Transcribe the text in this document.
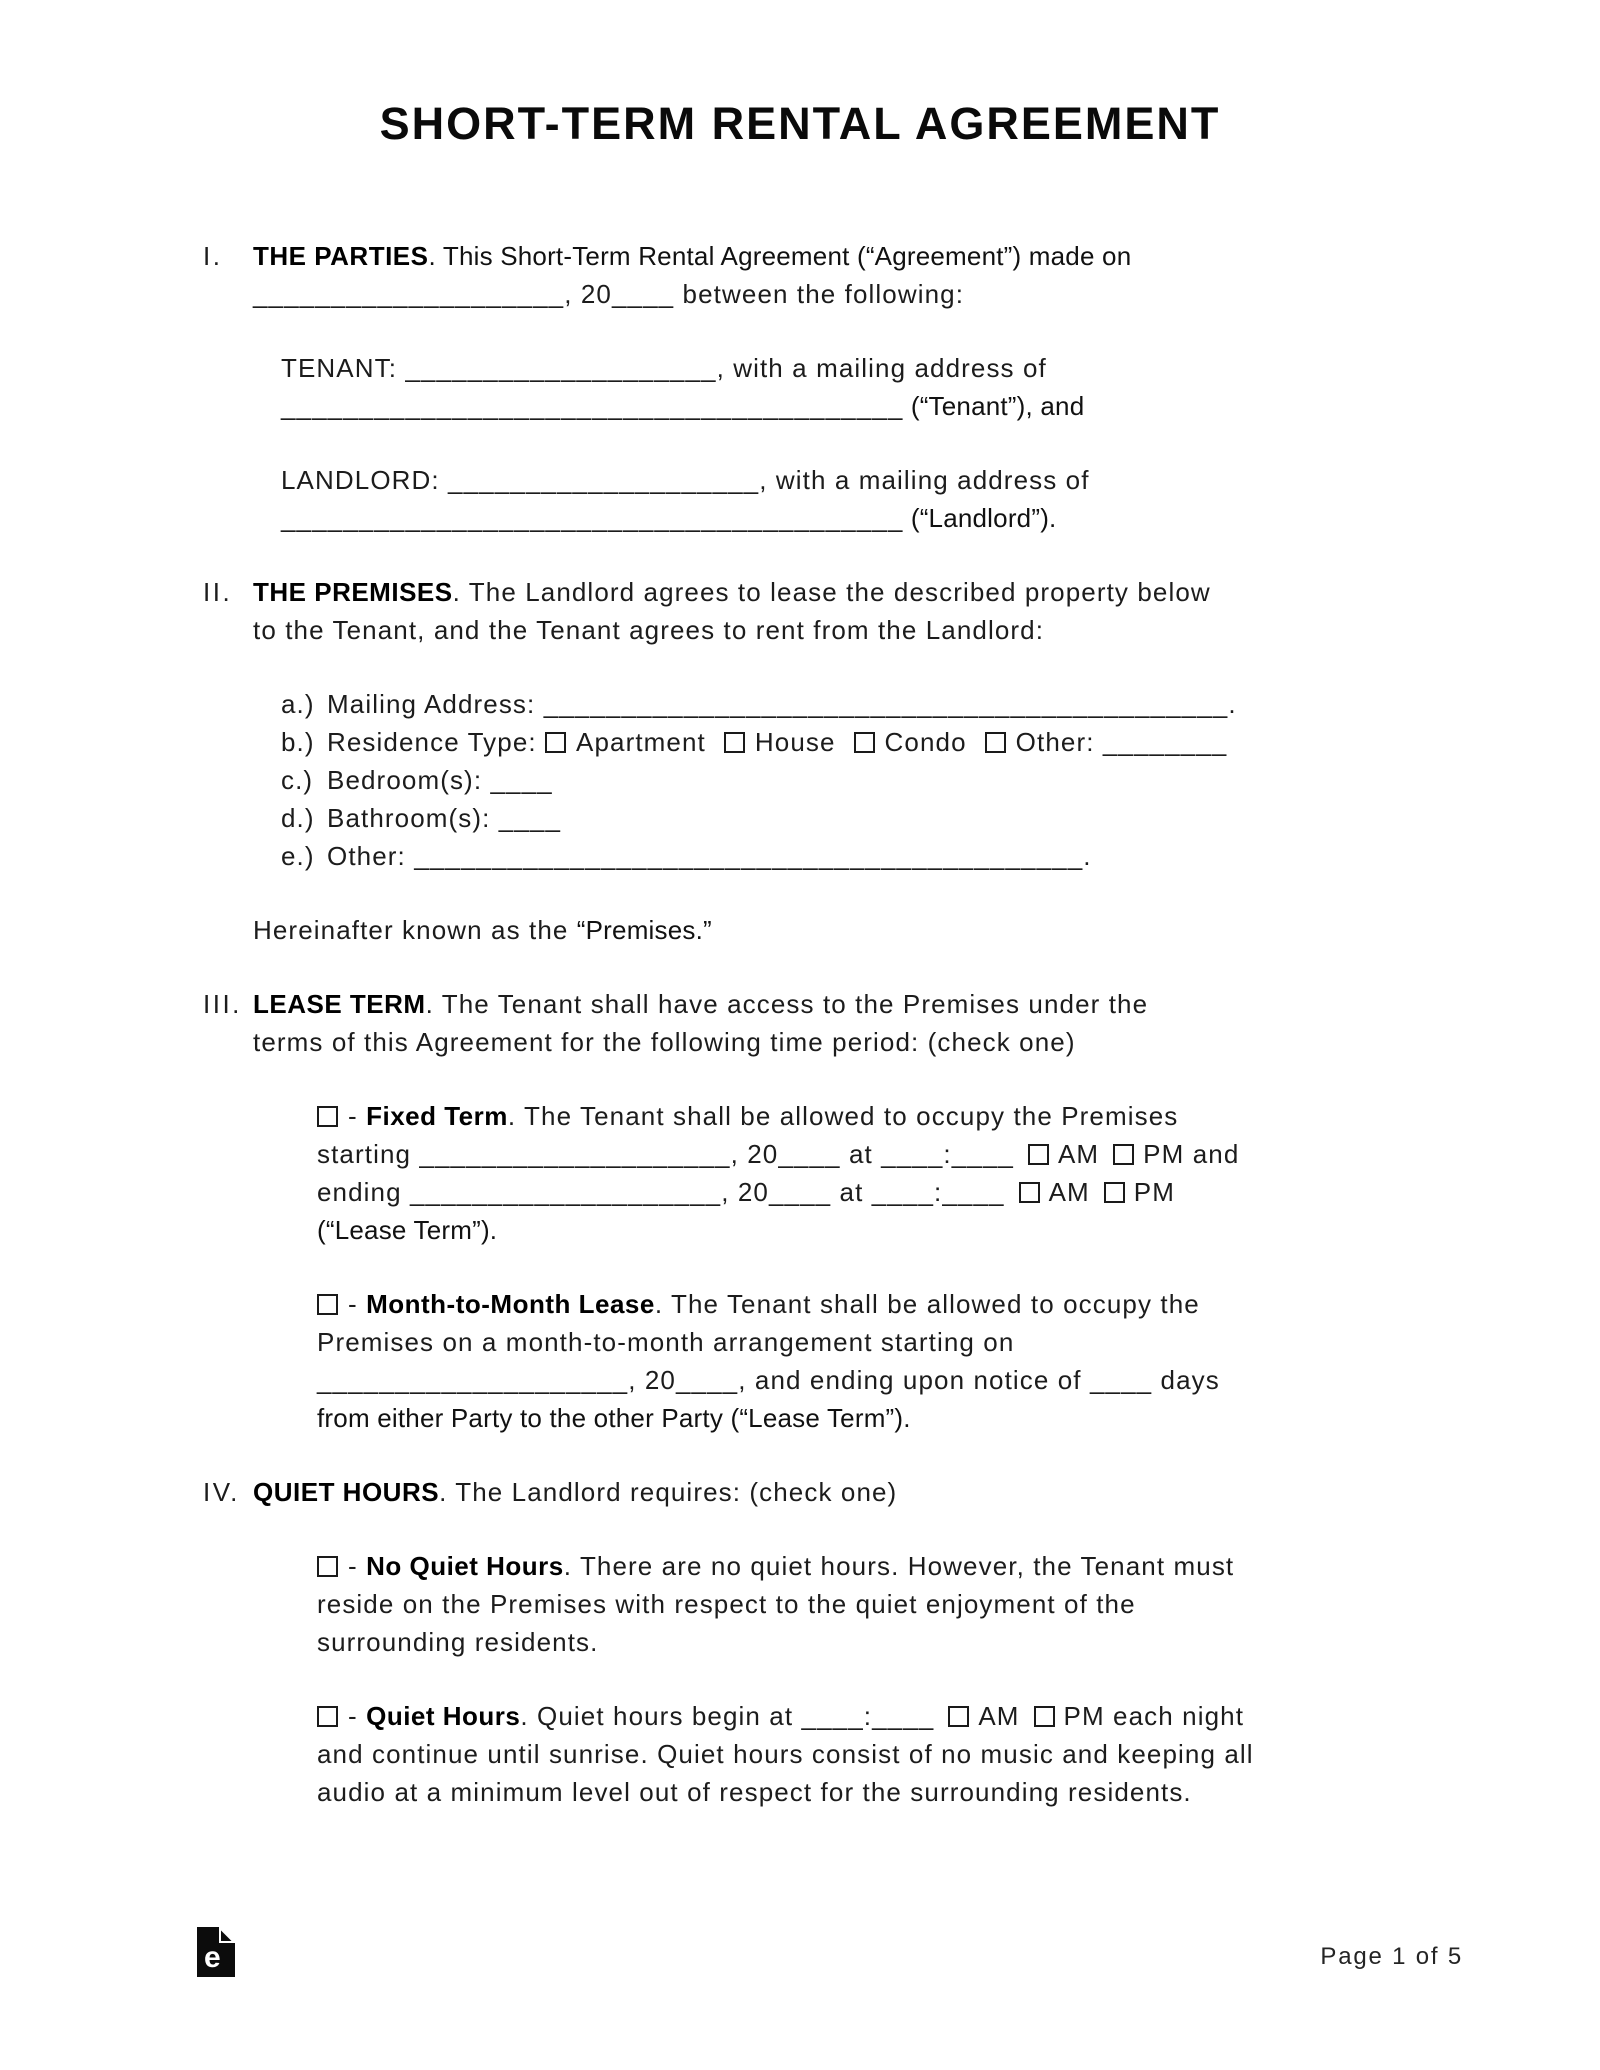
SHORT-TERM RENTAL AGREEMENT
I.	THE PARTIES. This Short-Term Rental Agreement (“Agreement”) made on
____________________, 20____ between the following:

TENANT: ____________________, with a mailing address of
________________________________________ (“Tenant”), and

LANDLORD: ____________________, with a mailing address of
________________________________________ (“Landlord”).

II. THE PREMISES. The Landlord agrees to lease the described property below
to the Tenant, and the Tenant agrees to rent from the Landlord:

a.) Mailing Address: ____________________________________________.
b.) Residence Type: Apartment House Condo Other: ________
c.) Bedroom(s): ____
d.) Bathroom(s): ____
e.) Other: ___________________________________________.

Hereinafter known as the “Premises.”

III. LEASE TERM. The Tenant shall have access to the Premises under the
terms of this Agreement for the following time period: (check one)

- Fixed Term. The Tenant shall be allowed to occupy the Premises
starting ____________________, 20____ at ____:____ AM PM and
ending ____________________, 20____ at ____:____ AM PM
(“Lease Term”).

- Month-to-Month Lease. The Tenant shall be allowed to occupy the
Premises on a month-to-month arrangement starting on
____________________, 20____, and ending upon notice of ____ days
from either Party to the other Party (“Lease Term”).

IV. QUIET HOURS. The Landlord requires: (check one)

- No Quiet Hours. There are no quiet hours. However, the Tenant must
reside on the Premises with respect to the quiet enjoyment of the
surrounding residents.

- Quiet Hours. Quiet hours begin at ____:____ AM PM each night
and continue until sunrise. Quiet hours consist of no music and keeping all
audio at a minimum level out of respect for the surrounding residents.

e	Page 1 of 5
